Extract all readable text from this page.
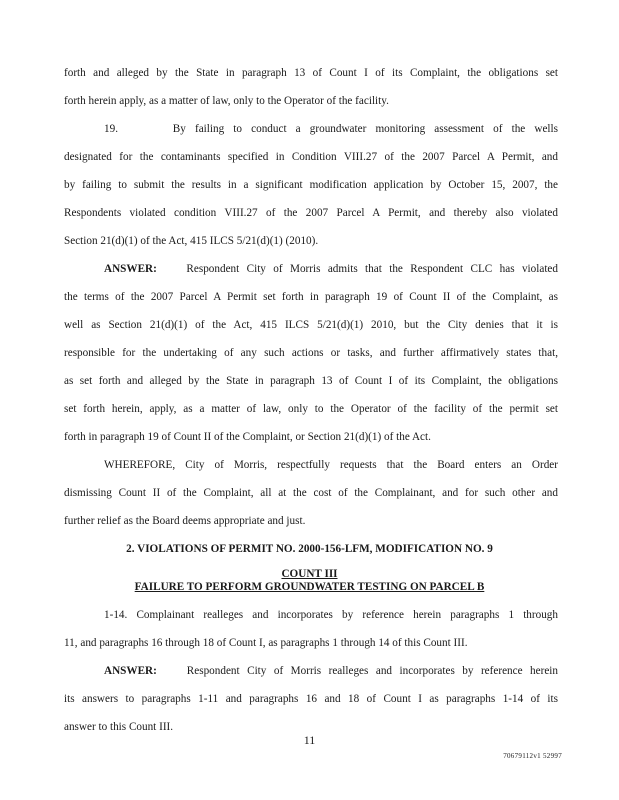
forth and alleged by the State in paragraph 13 of Count I of its Complaint, the obligations set
forth herein apply, as a matter of law, only to the Operator of the facility.
19.	By failing to conduct a groundwater monitoring assessment of the wells
designated for the contaminants specified in Condition VIII.27 of the 2007 Parcel A Permit, and
by failing to submit the results in a significant modification application by October 15, 2007, the
Respondents violated condition VIII.27 of the 2007 Parcel A Permit, and thereby also violated
Section 21(d)(1) of the Act, 415 ILCS 5/21(d)(1) (2010).
ANSWER:	Respondent City of Morris admits that the Respondent CLC has violated
the terms of the 2007 Parcel A Permit set forth in paragraph 19 of Count II of the Complaint, as
well as Section 21(d)(1) of the Act, 415 ILCS 5/21(d)(1) 2010, but the City denies that it is
responsible for the undertaking of any such actions or tasks, and further affirmatively states that,
as set forth and alleged by the State in paragraph 13 of Count I of its Complaint, the obligations
set forth herein, apply, as a matter of law, only to the Operator of the facility of the permit set
forth in paragraph 19 of Count II of the Complaint, or Section 21(d)(1) of the Act.
WHEREFORE, City of Morris, respectfully requests that the Board enters an Order
dismissing Count II of the Complaint, all at the cost of the Complainant, and for such other and
further relief as the Board deems appropriate and just.
2. VIOLATIONS OF PERMIT NO. 2000-156-LFM, MODIFICATION NO. 9
COUNT III
FAILURE TO PERFORM GROUNDWATER TESTING ON PARCEL B
1-14. Complainant realleges and incorporates by reference herein paragraphs 1 through
11, and paragraphs 16 through 18 of Count I, as paragraphs 1 through 14 of this Count III.
ANSWER:	Respondent City of Morris realleges and incorporates by reference herein
its answers to paragraphs 1-11 and paragraphs 16 and 18 of Count I as paragraphs 1-14 of its
answer to this Count III.
11
70679112v1 52997
